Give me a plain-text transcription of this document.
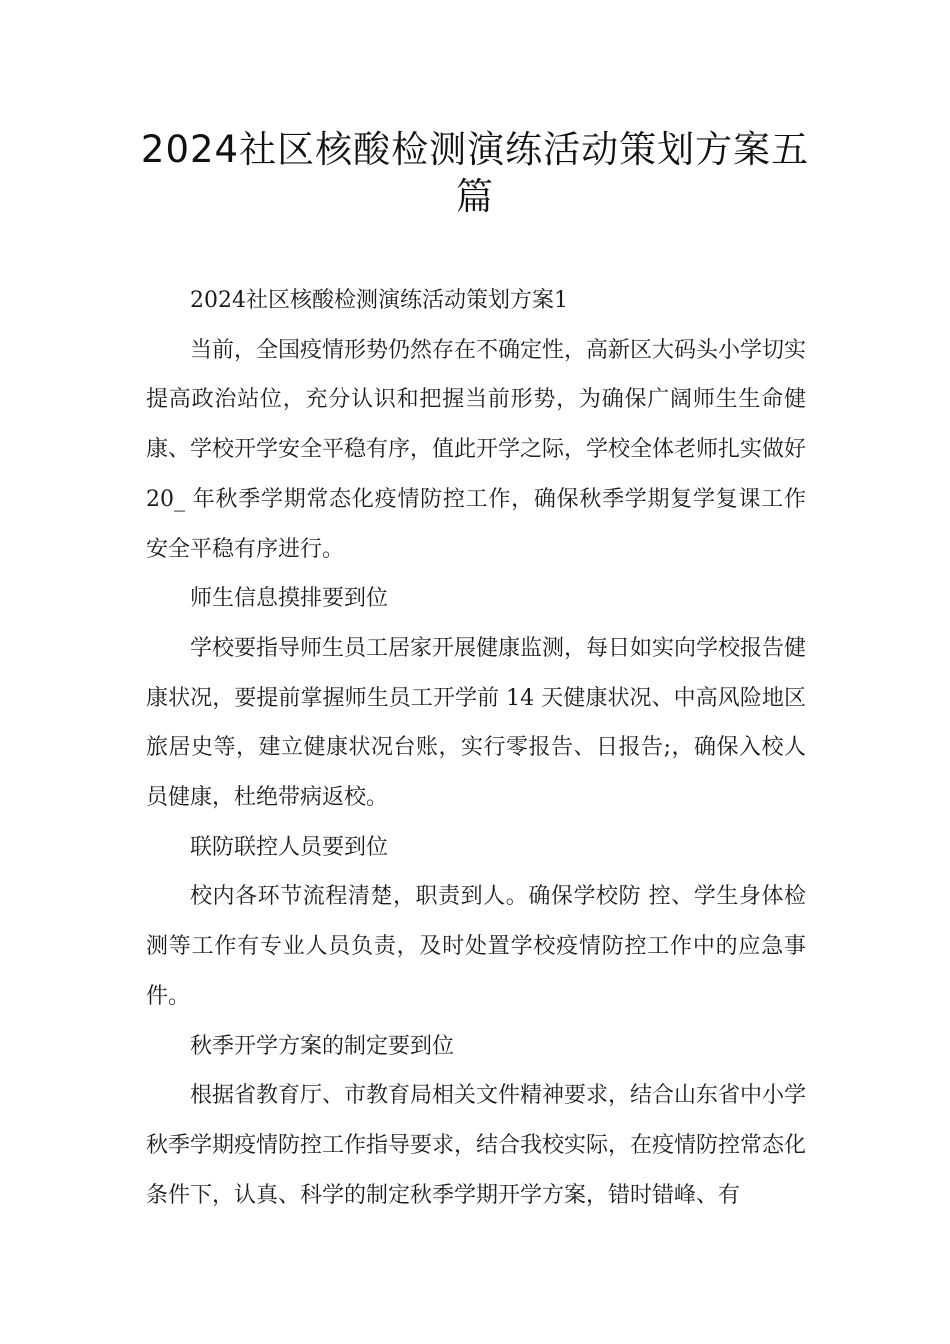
2024社区核酸检测演练活动策划方案五篇

2024社区核酸检测演练活动策划方案1

当前，全国疫情形势仍然存在不确定性，高新区大码头小学切实提高政治站位，充分认识和把握当前形势，为确保广阔师生生命健康、学校开学安全平稳有序，值此开学之际，学校全体老师扎实做好 20_ 年秋季学期常态化疫情防控工作，确保秋季学期复学复课工作安全平稳有序进行。

师生信息摸排要到位

学校要指导师生员工居家开展健康监测，每日如实向学校报告健康状况，要提前掌握师生员工开学前 14 天健康状况、中高风险地区旅居史等，建立健康状况台账，实行零报告、日报告;，确保入校人员健康，杜绝带病返校。

联防联控人员要到位

校内各环节流程清楚，职责到人。确保学校防 控、学生身体检测等工作有专业人员负责，及时处置学校疫情防控工作中的应急事件。

秋季开学方案的制定要到位

根据省教育厅、市教育局相关文件精神要求，结合山东省中小学秋季学期疫情防控工作指导要求，结合我校实际，在疫情防控常态化条件下，认真、科学的制定秋季学期开学方案，错时错峰、有
